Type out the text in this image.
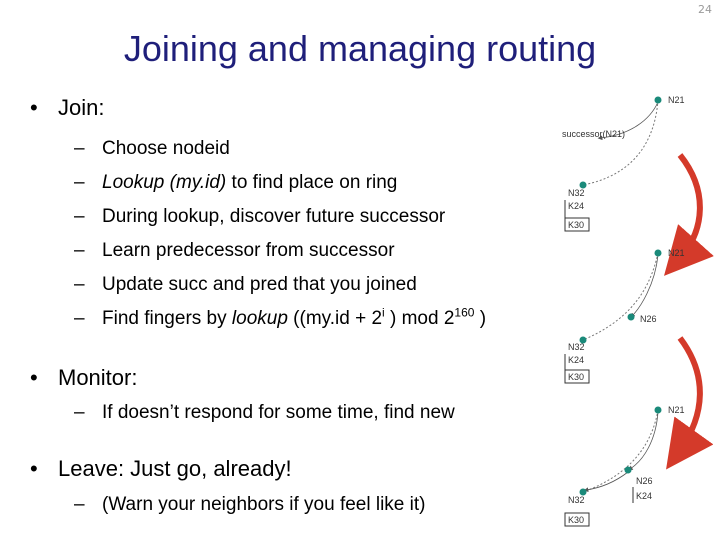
24
Joining and managing routing
• Join:
– Choose nodeid
– Lookup (my.id) to find place on ring
– During lookup, discover future successor
– Learn predecessor from successor
– Update succ and pred that you joined
– Find fingers by lookup (($my.id + 2^i$ ) mod $2^{160}$ )
• Monitor:
– If doesn’t respond for some time, find new
• Leave: Just go, already!
– (Warn your neighbors if you feel like it)
N21
successor(N21)
N32
K24
K30
N21
N26
N32
K24
K30
N21
N26
K24
N32
K30
